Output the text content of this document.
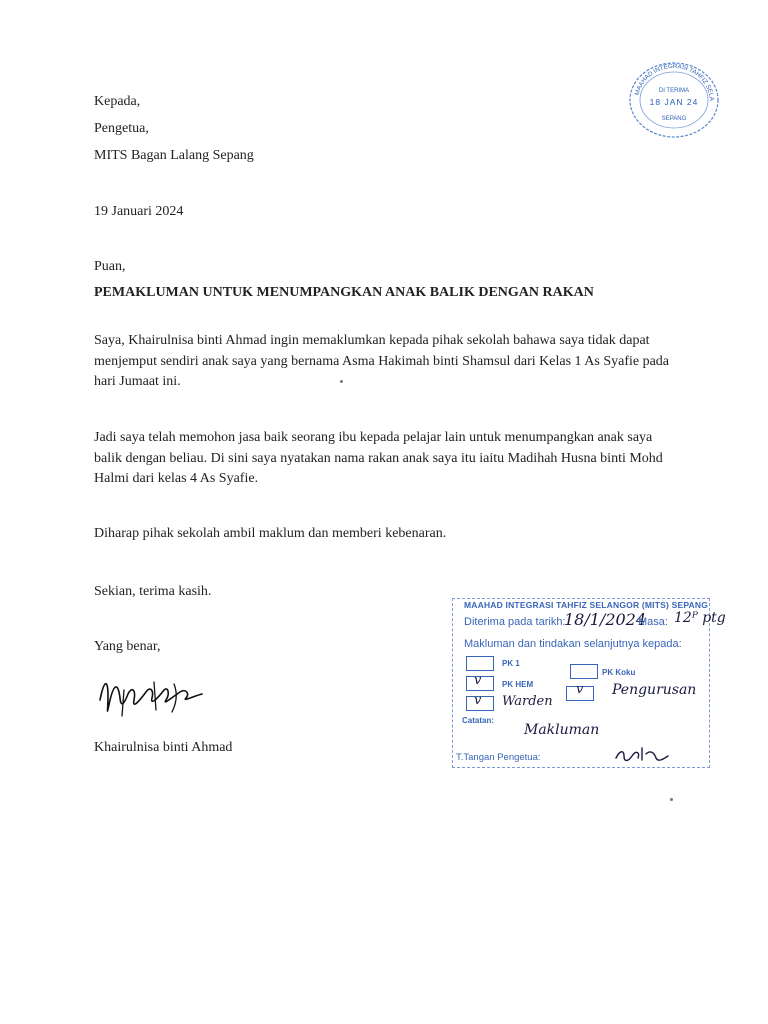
MAAHAD INTEGRASI TAHFIZ SELA
DI TERIMA
18 JAN 24
SEPANG
Kepada,
Pengetua,
MITS Bagan Lalang Sepang
19 Januari 2024
Puan,
PEMAKLUMAN UNTUK MENUMPANGKAN ANAK BALIK DENGAN RAKAN
Saya, Khairulnisa binti Ahmad ingin memaklumkan kepada pihak sekolah bahawa saya tidak dapat menjemput sendiri anak saya yang bernama Asma Hakimah binti Shamsul dari Kelas 1 As Syafie pada hari Jumaat ini.
Jadi saya telah memohon jasa baik seorang ibu kepada pelajar lain untuk menumpangkan anak saya balik dengan beliau. Di sini saya nyatakan nama rakan anak saya itu iaitu Madihah Husna binti Mohd Halmi dari kelas 4 As Syafie.
Diharap pihak sekolah ambil maklum dan memberi kebenaran.
Sekian, terima kasih.
Yang benar,
Khairulnisa binti Ahmad
MAAHAD INTEGRASI TAHFIZ SELANGOR (MITS) SEPANG
Diterima pada tarikh:
18/1/2024
Masa: 12ᴾ ptg
Makluman dan tindakan selanjutnya kepada:
PK 1
PK Koku
v	PK HEM	v Pengurusan
v Warden
Catatan:
Makluman
T.Tangan Pengetua:
